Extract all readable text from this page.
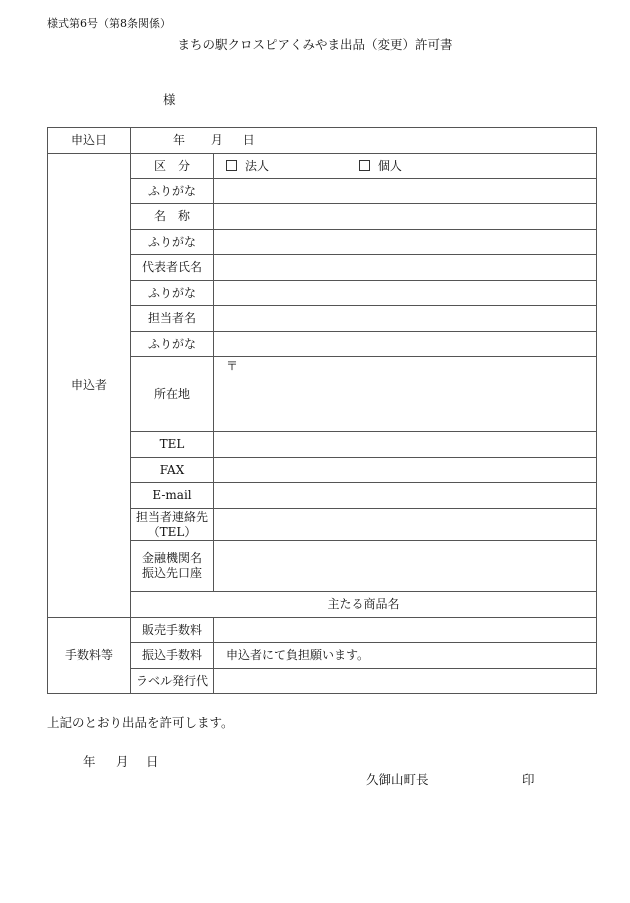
様式第6号（第8条関係）
まちの駅クロスピアくみやま出品（変更）許可書
様
申込日	年 月 日		
申込者	区　分	法人 個人	
	ふりがな		
	名　称		
	ふりがな		
	代表者氏名		
	ふりがな		
	担当者名		
	ふりがな		
	所在地	〒	
	TEL		
	FAX		
	E-mail		

	担当者連絡先
（TEL）		

	金融機関名
振込先口座		

	主たる商品名		
手数料等	販売手数料		
	振込手数料	申込者にて負担願います。	
	ラベル発行代		
上記のとおり出品を許可します。
年 月 日
久御山町長	印
